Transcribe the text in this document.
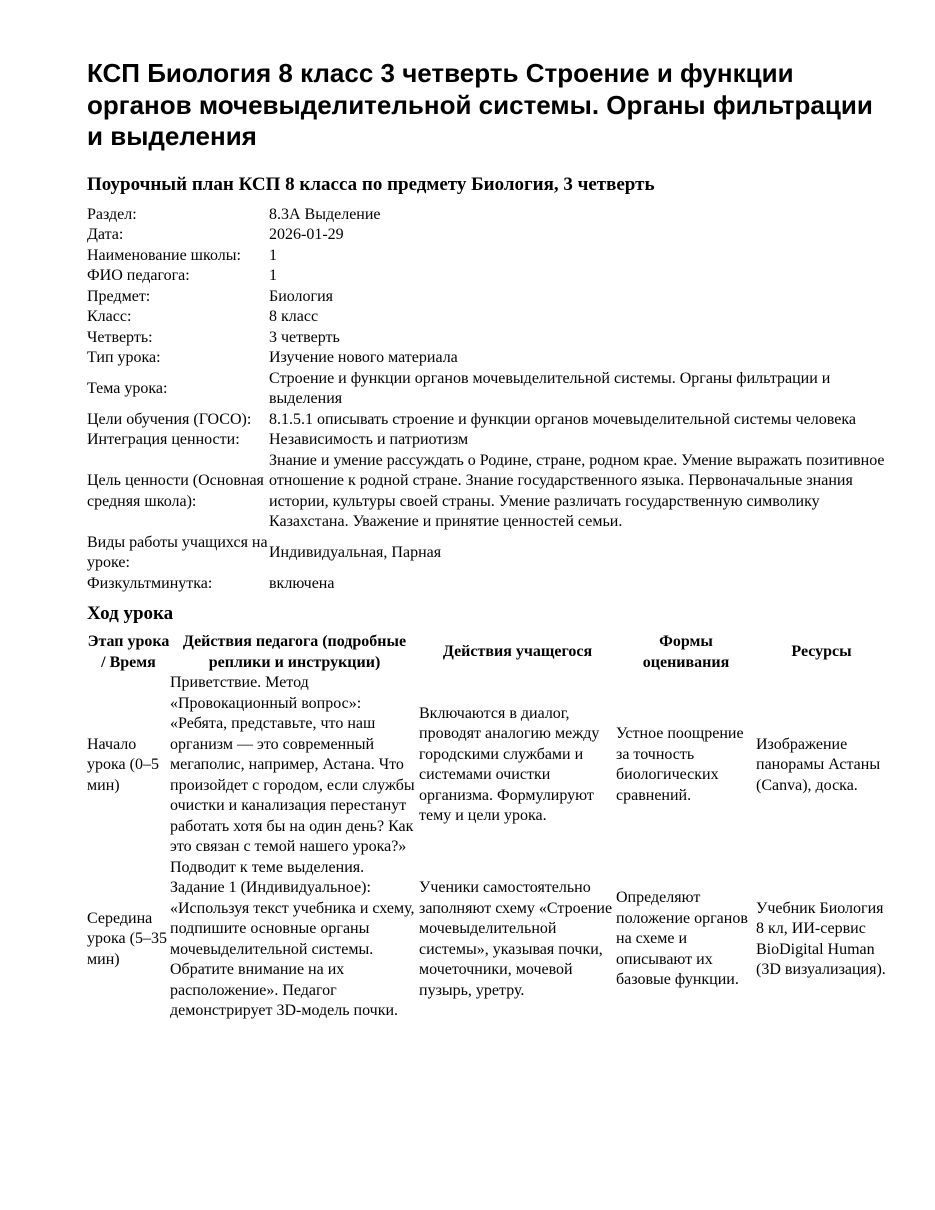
КСП Биология 8 класс 3 четверть Строение и функции органов мочевыделительной системы. Органы фильтрации и выделения
Поурочный план КСП 8 класса по предмету Биология, 3 четверть
Раздел:	8.3А Выделение
Дата:	2026-01-29
Наименование школы:	1
ФИО педагога:	1
Предмет:	Биология
Класс:	8 класс
Четверть:	3 четверть
Тип урока:	Изучение нового материала
Тема урока:	Строение и функции органов мочевыделительной системы. Органы фильтрации и выделения
Цели обучения (ГОСО):	8.1.5.1 описывать строение и функции органов мочевыделительной системы человека
Интеграция ценности:	Независимость и патриотизм
Цель ценности (Основная средняя школа):	Знание и умение рассуждать о Родине, стране, родном крае. Умение выражать позитивное отношение к родной стране. Знание государственного языка. Первоначальные знания истории, культуры своей страны. Умение различать государственную символику Казахстана. Уважение и принятие ценностей семьи.
Виды работы учащихся на уроке:	Индивидуальная, Парная
Физкультминутка:	включена
Ход урока
Этап урока / Время	Действия педагога (подробные реплики и инструкции)	Действия учащегося	Формы оценивания	Ресурсы
Начало урока (0–5 мин)	Приветствие. Метод «Провокационный вопрос»: «Ребята, представьте, что наш организм — это современный мегаполис, например, Астана. Что произойдет с городом, если службы очистки и канализация перестанут работать хотя бы на один день? Как это связан с темой нашего урока?»	Включаются в диалог, проводят аналогию между городскими службами и системами очистки организма. Формулируют тему и цели урока.	Устное поощрение за точность биологических сравнений.	Изображение панорамы Астаны (Canva), доска.
Середина урока (5–35 мин)	Подводит к теме выделения. Задание 1 (Индивидуальное): «Используя текст учебника и схему, подпишите основные органы мочевыделительной системы. Обратите внимание на их расположение». Педагог демонстрирует 3D-модель почки.	Ученики самостоятельно заполняют схему «Строение мочевыделительной системы», указывая почки, мочеточники, мочевой пузырь, уретру.	Определяют положение органов на схеме и описывают их базовые функции.	Учебник Биология 8 кл, ИИ-сервис BioDigital Human (3D визуализация).
